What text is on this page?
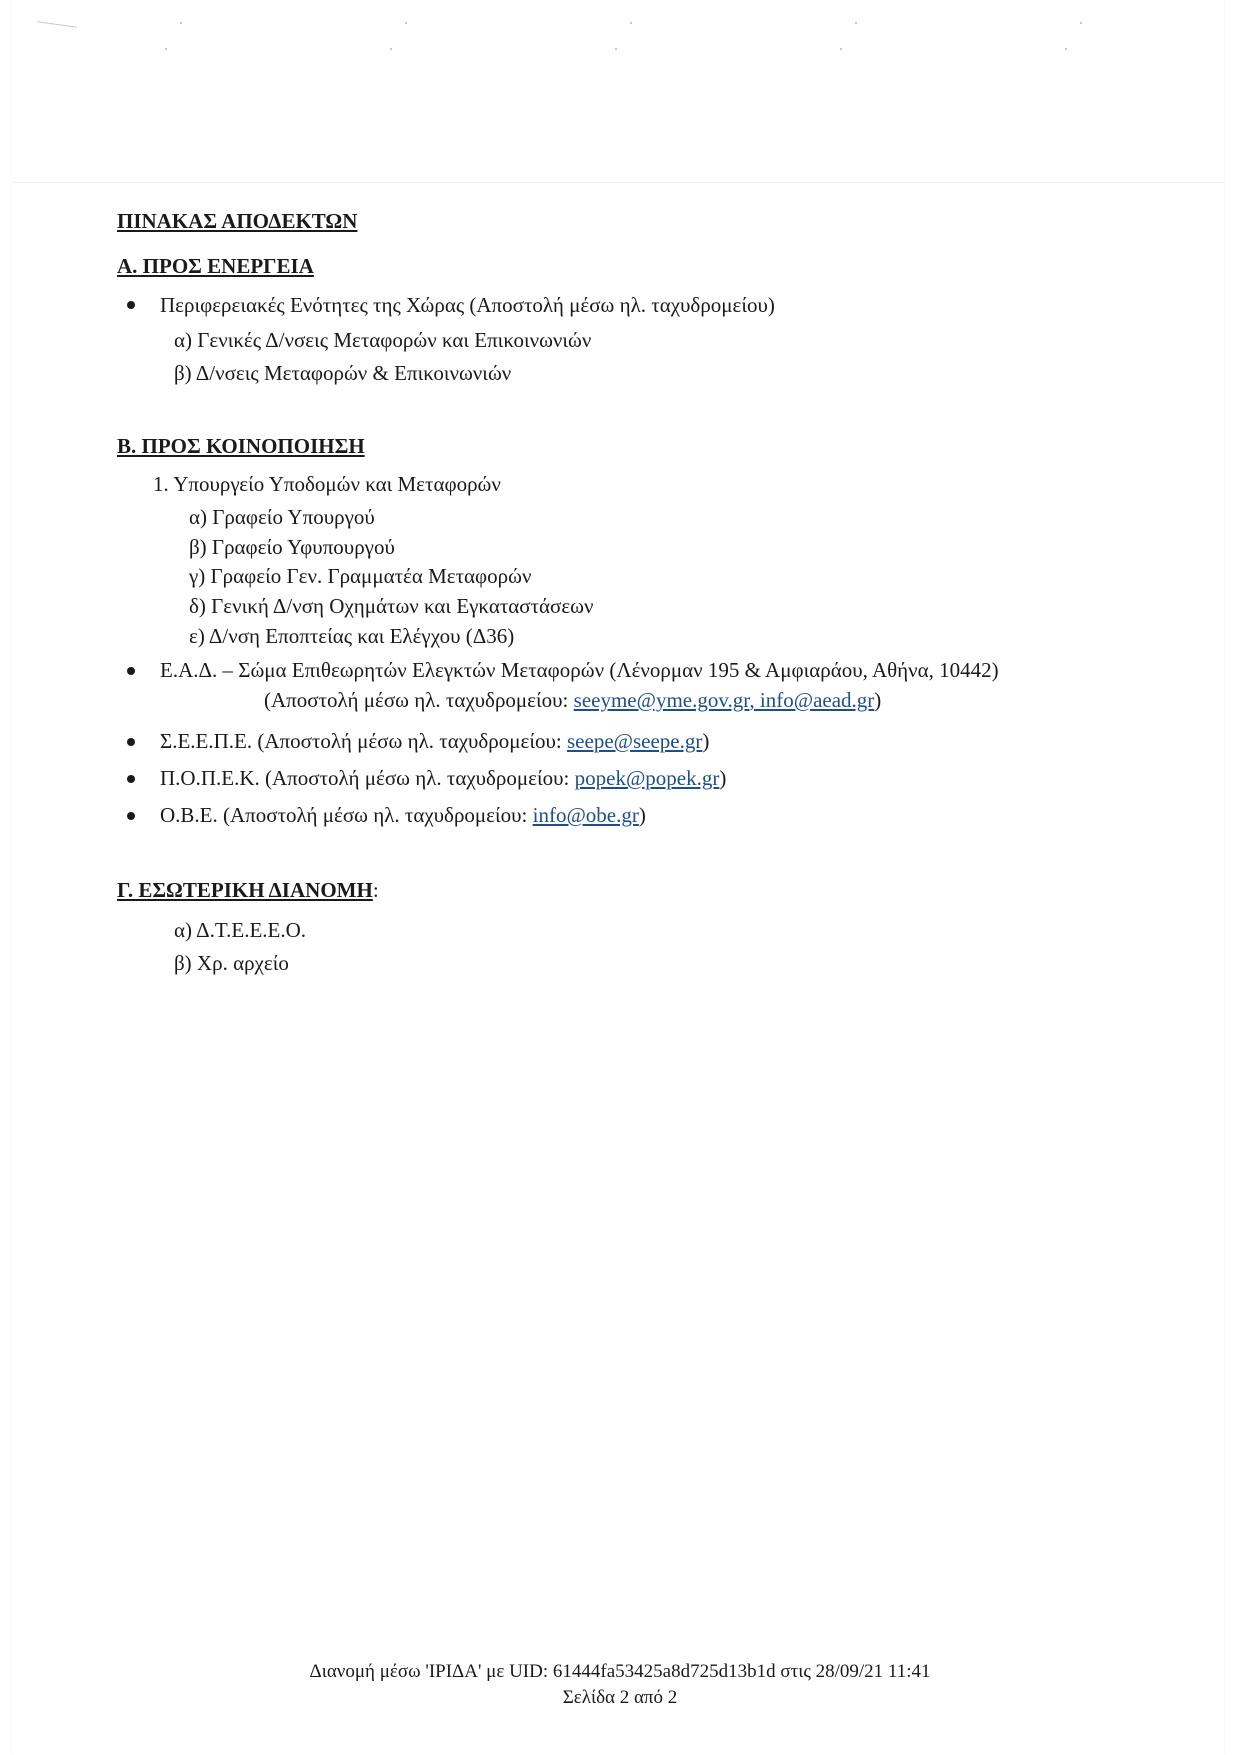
ΠΙΝΑΚΑΣ ΑΠΟΔΕΚΤΩΝ
Α. ΠΡΟΣ ΕΝΕΡΓΕΙΑ
Περιφερειακές Ενότητες της Χώρας (Αποστολή μέσω ηλ. ταχυδρομείου)
α) Γενικές Δ/νσεις Μεταφορών και Επικοινωνιών
β) Δ/νσεις Μεταφορών & Επικοινωνιών
Β. ΠΡΟΣ ΚΟΙΝΟΠΟΙΗΣΗ
1. Υπουργείο Υποδομών και Μεταφορών
α) Γραφείο Υπουργού
β) Γραφείο Υφυπουργού
γ) Γραφείο Γεν. Γραμματέα Μεταφορών
δ) Γενική Δ/νση Οχημάτων και Εγκαταστάσεων
ε) Δ/νση Εποπτείας και Ελέγχου (Δ36)
Ε.Α.Δ. – Σώμα Επιθεωρητών Ελεγκτών Μεταφορών (Λένορμαν 195 & Αμφιαράου, Αθήνα, 10442)
(Αποστολή μέσω ηλ. ταχυδρομείου: seeyme@yme.gov.gr, info@aead.gr)
Σ.Ε.Ε.Π.Ε. (Αποστολή μέσω ηλ. ταχυδρομείου: seepe@seepe.gr)
Π.Ο.Π.Ε.Κ. (Αποστολή μέσω ηλ. ταχυδρομείου: popek@popek.gr)
Ο.Β.Ε. (Αποστολή μέσω ηλ. ταχυδρομείου: info@obe.gr)
Γ. ΕΣΩΤΕΡΙΚΗ ΔΙΑΝΟΜΗ:
α) Δ.Τ.Ε.Ε.Ε.Ο.
β) Χρ. αρχείο
Διανομή μέσω 'ΙΡΙΔΑ' με UID: 61444fa53425a8d725d13b1d στις 28/09/21 11:41
Σελίδα 2 από 2
